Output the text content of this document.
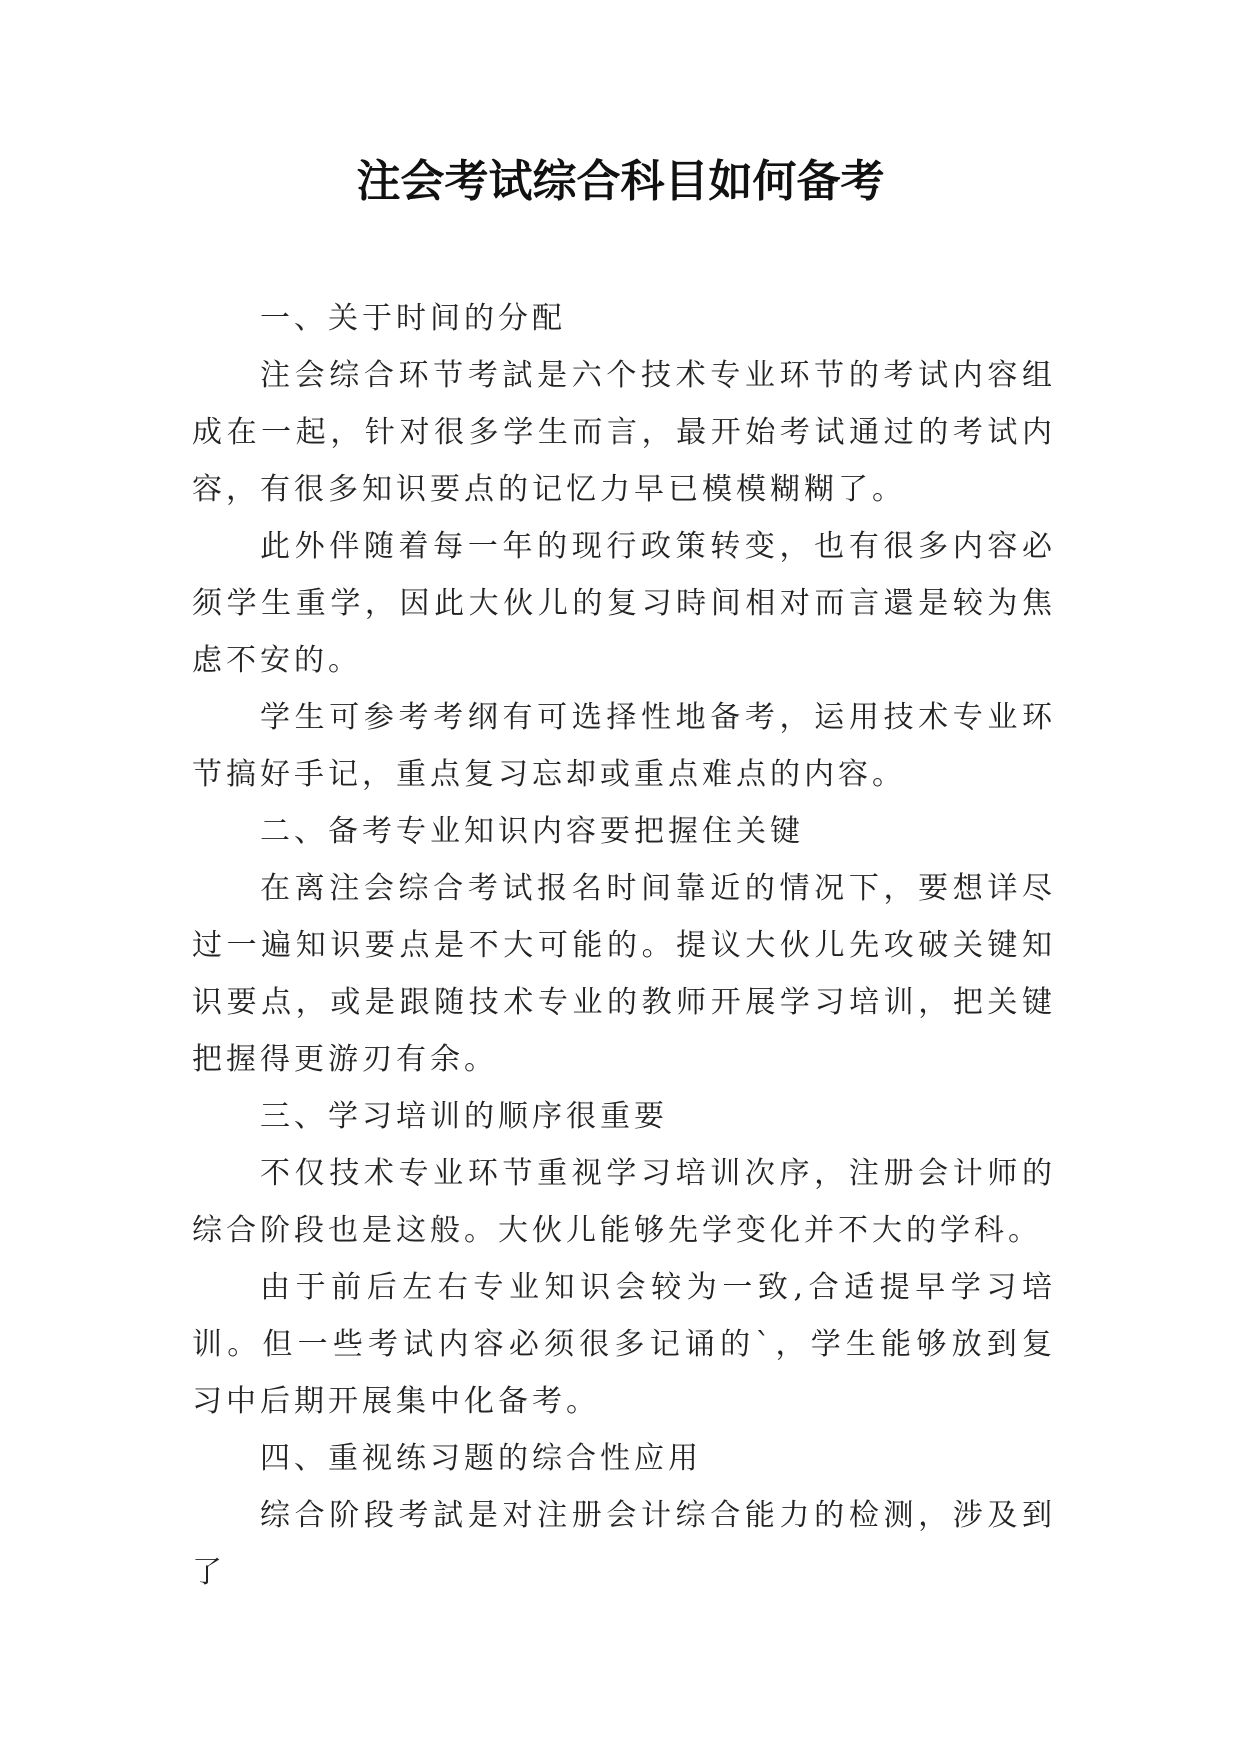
注会考试综合科目如何备考

一、关于时间的分配

注会综合环节考試是六个技术专业环节的考试内容组成在一起，针对很多学生而言，最开始考试通过的考试内容，有很多知识要点的记忆力早已模模糊糊了。

此外伴随着每一年的现行政策转变，也有很多内容必须学生重学，因此大伙儿的复习時间相对而言還是较为焦虑不安的。

学生可参考考纲有可选择性地备考，运用技术专业环节搞好手记，重点复习忘却或重点难点的内容。

二、备考专业知识内容要把握住关键

在离注会综合考试报名时间靠近的情况下，要想详尽过一遍知识要点是不大可能的。提议大伙儿先攻破关键知识要点，或是跟随技术专业的教师开展学习培训，把关键把握得更游刃有余。

三、学习培训的顺序很重要

不仅技术专业环节重视学习培训次序，注册会计师的综合阶段也是这般。大伙儿能够先学变化并不大的学科。

由于前后左右专业知识会较为一致,合适提早学习培训。但一些考试内容必须很多记诵的`，学生能够放到复习中后期开展集中化备考。

四、重视练习题的综合性应用

综合阶段考試是对注册会计综合能力的检测，涉及到了
